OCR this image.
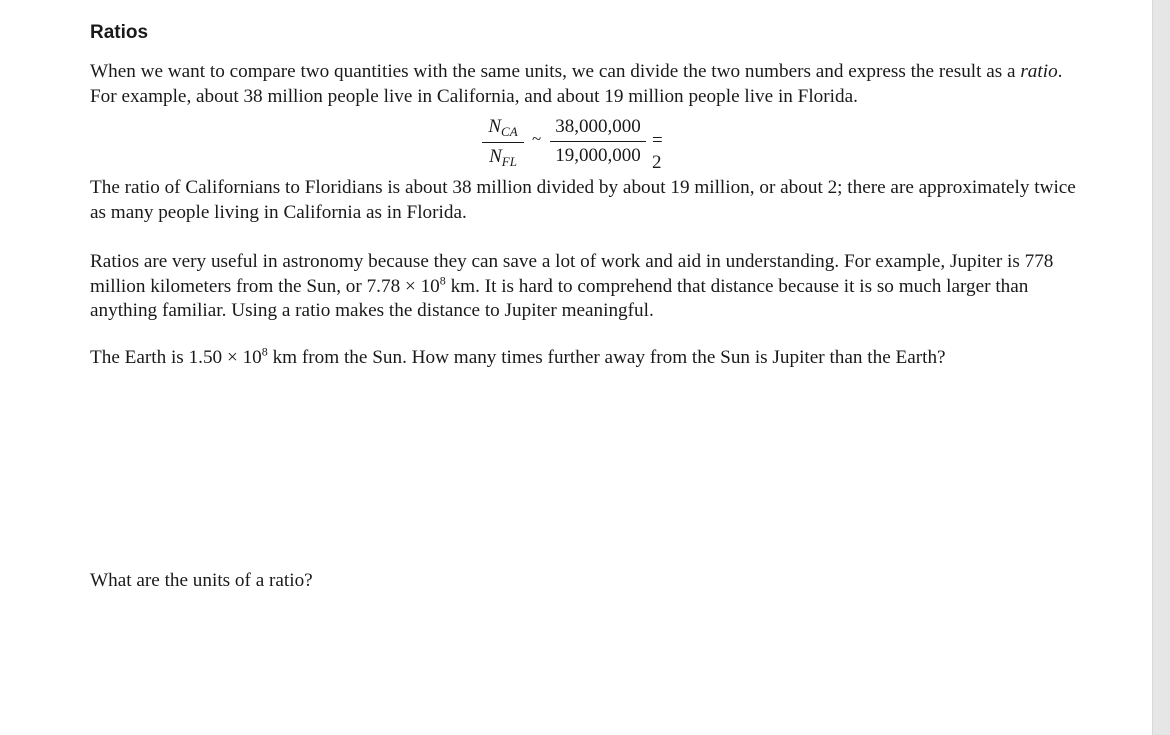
Ratios
When we want to compare two quantities with the same units, we can divide the two numbers and express the result as a ratio. For example, about 38 million people live in California, and about 19 million people live in Florida.
$N_{CA}$
$N_{FL}$
~
38,000,000
19,000,000
= 2
The ratio of Californians to Floridians is about 38 million divided by about 19 million, or about 2; there are approximately twice as many people living in California as in Florida.
Ratios are very useful in astronomy because they can save a lot of work and aid in understanding. For example, Jupiter is 778 million kilometers from the Sun, or $7.78 \times 10^8$ km. It is hard to comprehend that distance because it is so much larger than anything familiar. Using a ratio makes the distance to Jupiter meaningful.
The Earth is $1.50 \times 10^8$ km from the Sun. How many times further away from the Sun is Jupiter than the Earth?
What are the units of a ratio?
